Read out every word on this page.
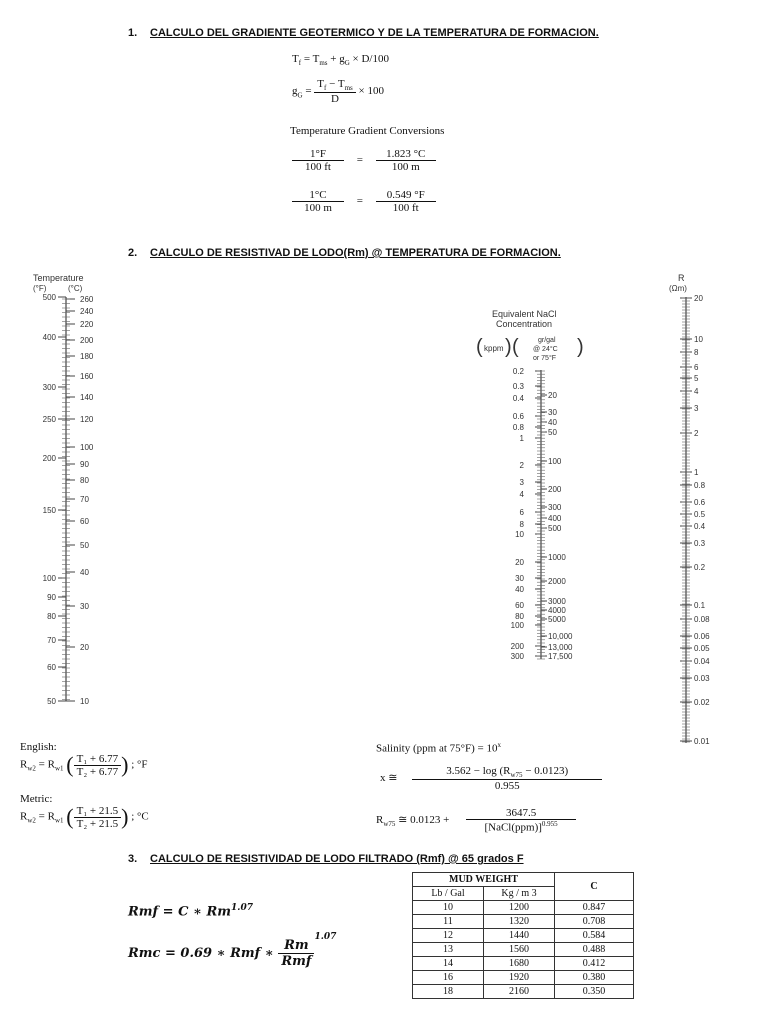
1. CALCULO DEL GRADIENTE GEOTERMICO Y DE LA TEMPERATURA DE FORMACION.
$T_f = T_{ms} + g_G \times D/100$
$g_G = \frac{T_f - T_{ms}}{D} \times 100$
Temperature Gradient Conversions
$\frac{1^\circ F}{100 ft} = \frac{1.823 ^\circ C}{100 m}$
$\frac{1^\circ C}{100 m} = \frac{0.549 ^\circ F}{100 ft}$
2. CALCULO DE RESISTIVAD DE LODO(Rm) @ TEMPERATURA DE FORMACION.
Temperature
(°F)	(°C)
500
400
300
250
200
150
100
90
80
70
60
50
260
240
220
200
180
160
140
120
100
90
80
70
60
50
40
30
20
10
Equivalent NaCl
Concentration
( kppm ) (	gr/gal
@ 24°C
or 75°F
)
0.2
0.3
0.4
0.6
0.8
1
2
3
4
6
8
10
20
30
40
60
80
100
200
300
20
30
40
50
100
200
300
400
500
1000
2000
3000
4000
5000
10,000
13,000
17,500
R
(Ωm)
20
10
8
6
5
4
3
2
1
0.8
0.6
0.5
0.4
0.3
0.2
0.1
0.08
0.06
0.05
0.04
0.03
0.02
0.01
English:
$R_{w2} = R_{w1}$ ( $\frac{\text{T₁ + 6.77}}{\text{T₂ + 6.77}}$ ) ; °F
Metric:
$R_{w2} = R_{w1}$ ( $\frac{\text{T₁ + 21.5}}{\text{T₂ + 21.5}}$ ) ; °C
Salinity (ppm at $75^\circ F) = 10^x$
x ≅ $\frac{3.562 - \log (R_{w75} - 0.0123)}{0.955}$
$R_{w75}$ ≅ $0.0123 + \frac{3647.5}{[NaCl(ppm)]^{0.955}}$
3. CALCULO DE RESISTIVIDAD DE LODO FILTRADO (Rmf) @ 65 grados F
Rmf = C ∗ $Rm^{1.07}$
Rmc = 0.69 ∗ Rmf ∗ $\frac{Rm}{\text{Rmf}}$
$^{1.07}$
MUD WEIGHT		C
Lb / Gal	Kg / m 3	
10	1200	0.847
11	1320	0.708
12	1440	0.584
13	1560	0.488
14	1680	0.412
16	1920	0.380
18	2160	0.350
